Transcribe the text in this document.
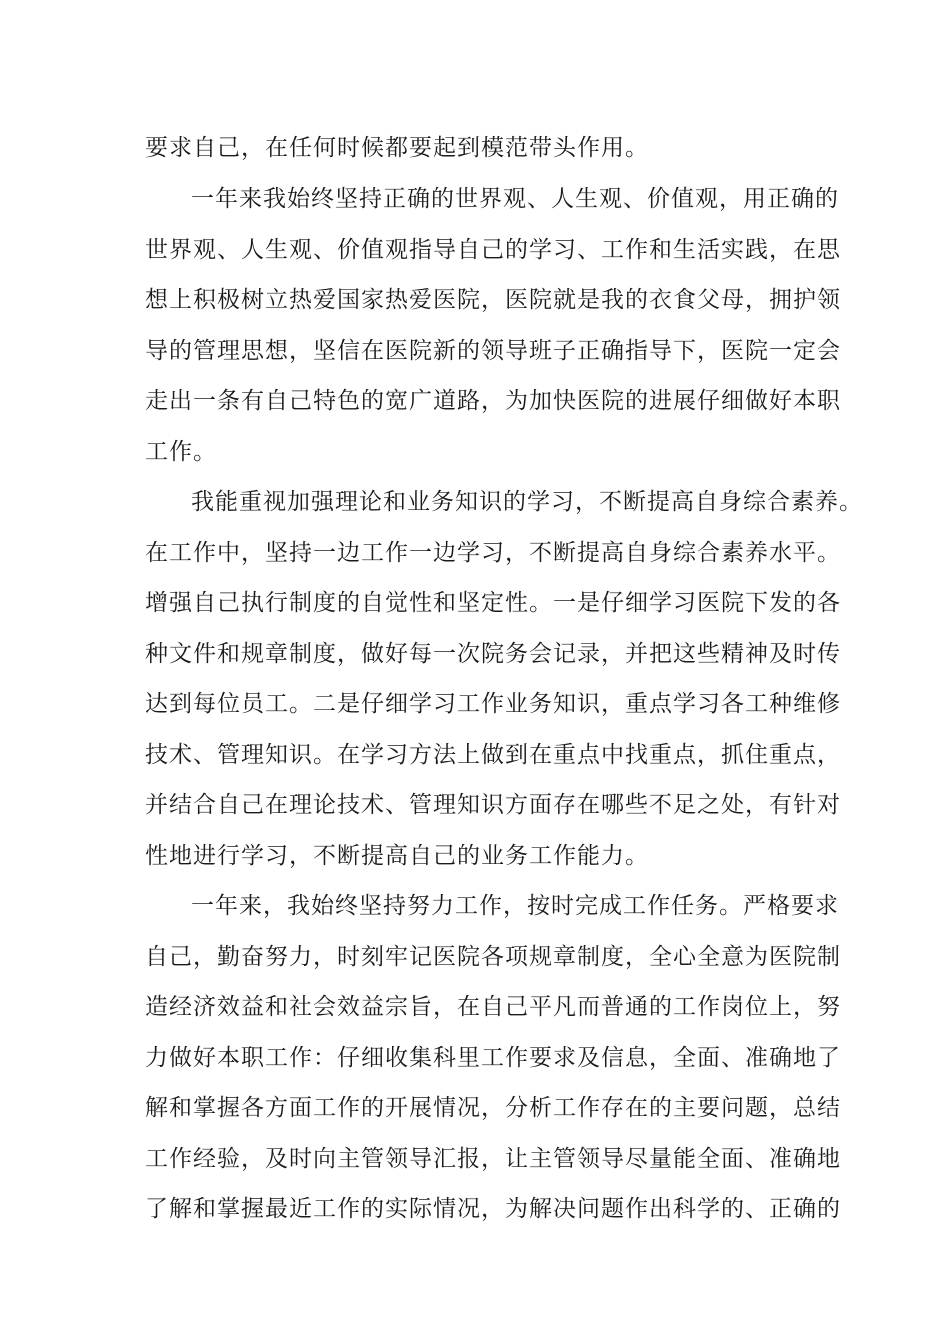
要求自己，在任何时候都要起到模范带头作用。
一年来我始终坚持正确的世界观、人生观、价值观，用正确的
世界观、人生观、价值观指导自己的学习、工作和生活实践，在思
想上积极树立热爱国家热爱医院，医院就是我的衣食父母，拥护领
导的管理思想，坚信在医院新的领导班子正确指导下，医院一定会
走出一条有自己特色的宽广道路，为加快医院的进展仔细做好本职
工作。
我能重视加强理论和业务知识的学习，不断提高自身综合素养。
在工作中，坚持一边工作一边学习，不断提高自身综合素养水平。
增强自己执行制度的自觉性和坚定性。一是仔细学习医院下发的各
种文件和规章制度，做好每一次院务会记录，并把这些精神及时传
达到每位员工。二是仔细学习工作业务知识，重点学习各工种维修
技术、管理知识。在学习方法上做到在重点中找重点，抓住重点，
并结合自己在理论技术、管理知识方面存在哪些不足之处，有针对
性地进行学习，不断提高自己的业务工作能力。
一年来，我始终坚持努力工作，按时完成工作任务。严格要求
自己，勤奋努力，时刻牢记医院各项规章制度，全心全意为医院制
造经济效益和社会效益宗旨，在自己平凡而普通的工作岗位上，努
力做好本职工作：仔细收集科里工作要求及信息，全面、准确地了
解和掌握各方面工作的开展情况，分析工作存在的主要问题，总结
工作经验，及时向主管领导汇报，让主管领导尽量能全面、准确地
了解和掌握最近工作的实际情况，为解决问题作出科学的、正确的
